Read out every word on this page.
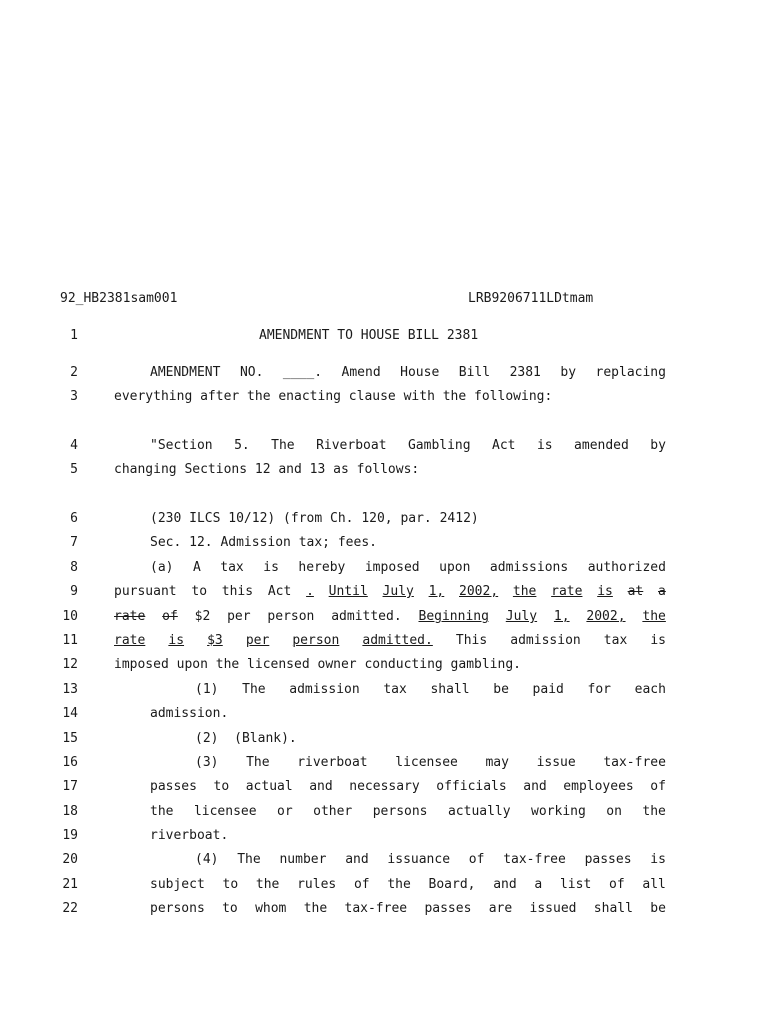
92_HB2381sam001	LRB9206711LDtmam
1	AMENDMENT TO HOUSE BILL 2381
2	AMENDMENT NO. ____. Amend House Bill 2381 by replacing
3	everything after the enacting clause with the following:
4	"Section 5. The Riverboat Gambling Act is amended by
5	changing Sections 12 and 13 as follows:
6	(230 ILCS 10/12) (from Ch. 120, par. 2412)
7	Sec. 12. Admission tax; fees.
8	(a) A tax is hereby imposed upon admissions authorized
9	pursuant to this Act . Until July 1, 2002, the rate is at a
10	rate of $2 per person admitted. Beginning July 1, 2002, the
11	rate is $3 per person admitted. This admission tax is
12	imposed upon the licensed owner conducting gambling.
13	(1) The admission tax shall be paid for each
14	admission.
15	(2)  (Blank).
16	(3) The riverboat licensee may issue tax-free
17	passes to actual and necessary officials and employees of
18	the licensee or other persons actually working on the
19	riverboat.
20	(4) The number and issuance of tax-free passes is
21	subject to the rules of the Board, and a list of all
22	persons to whom the tax-free passes are issued shall be
